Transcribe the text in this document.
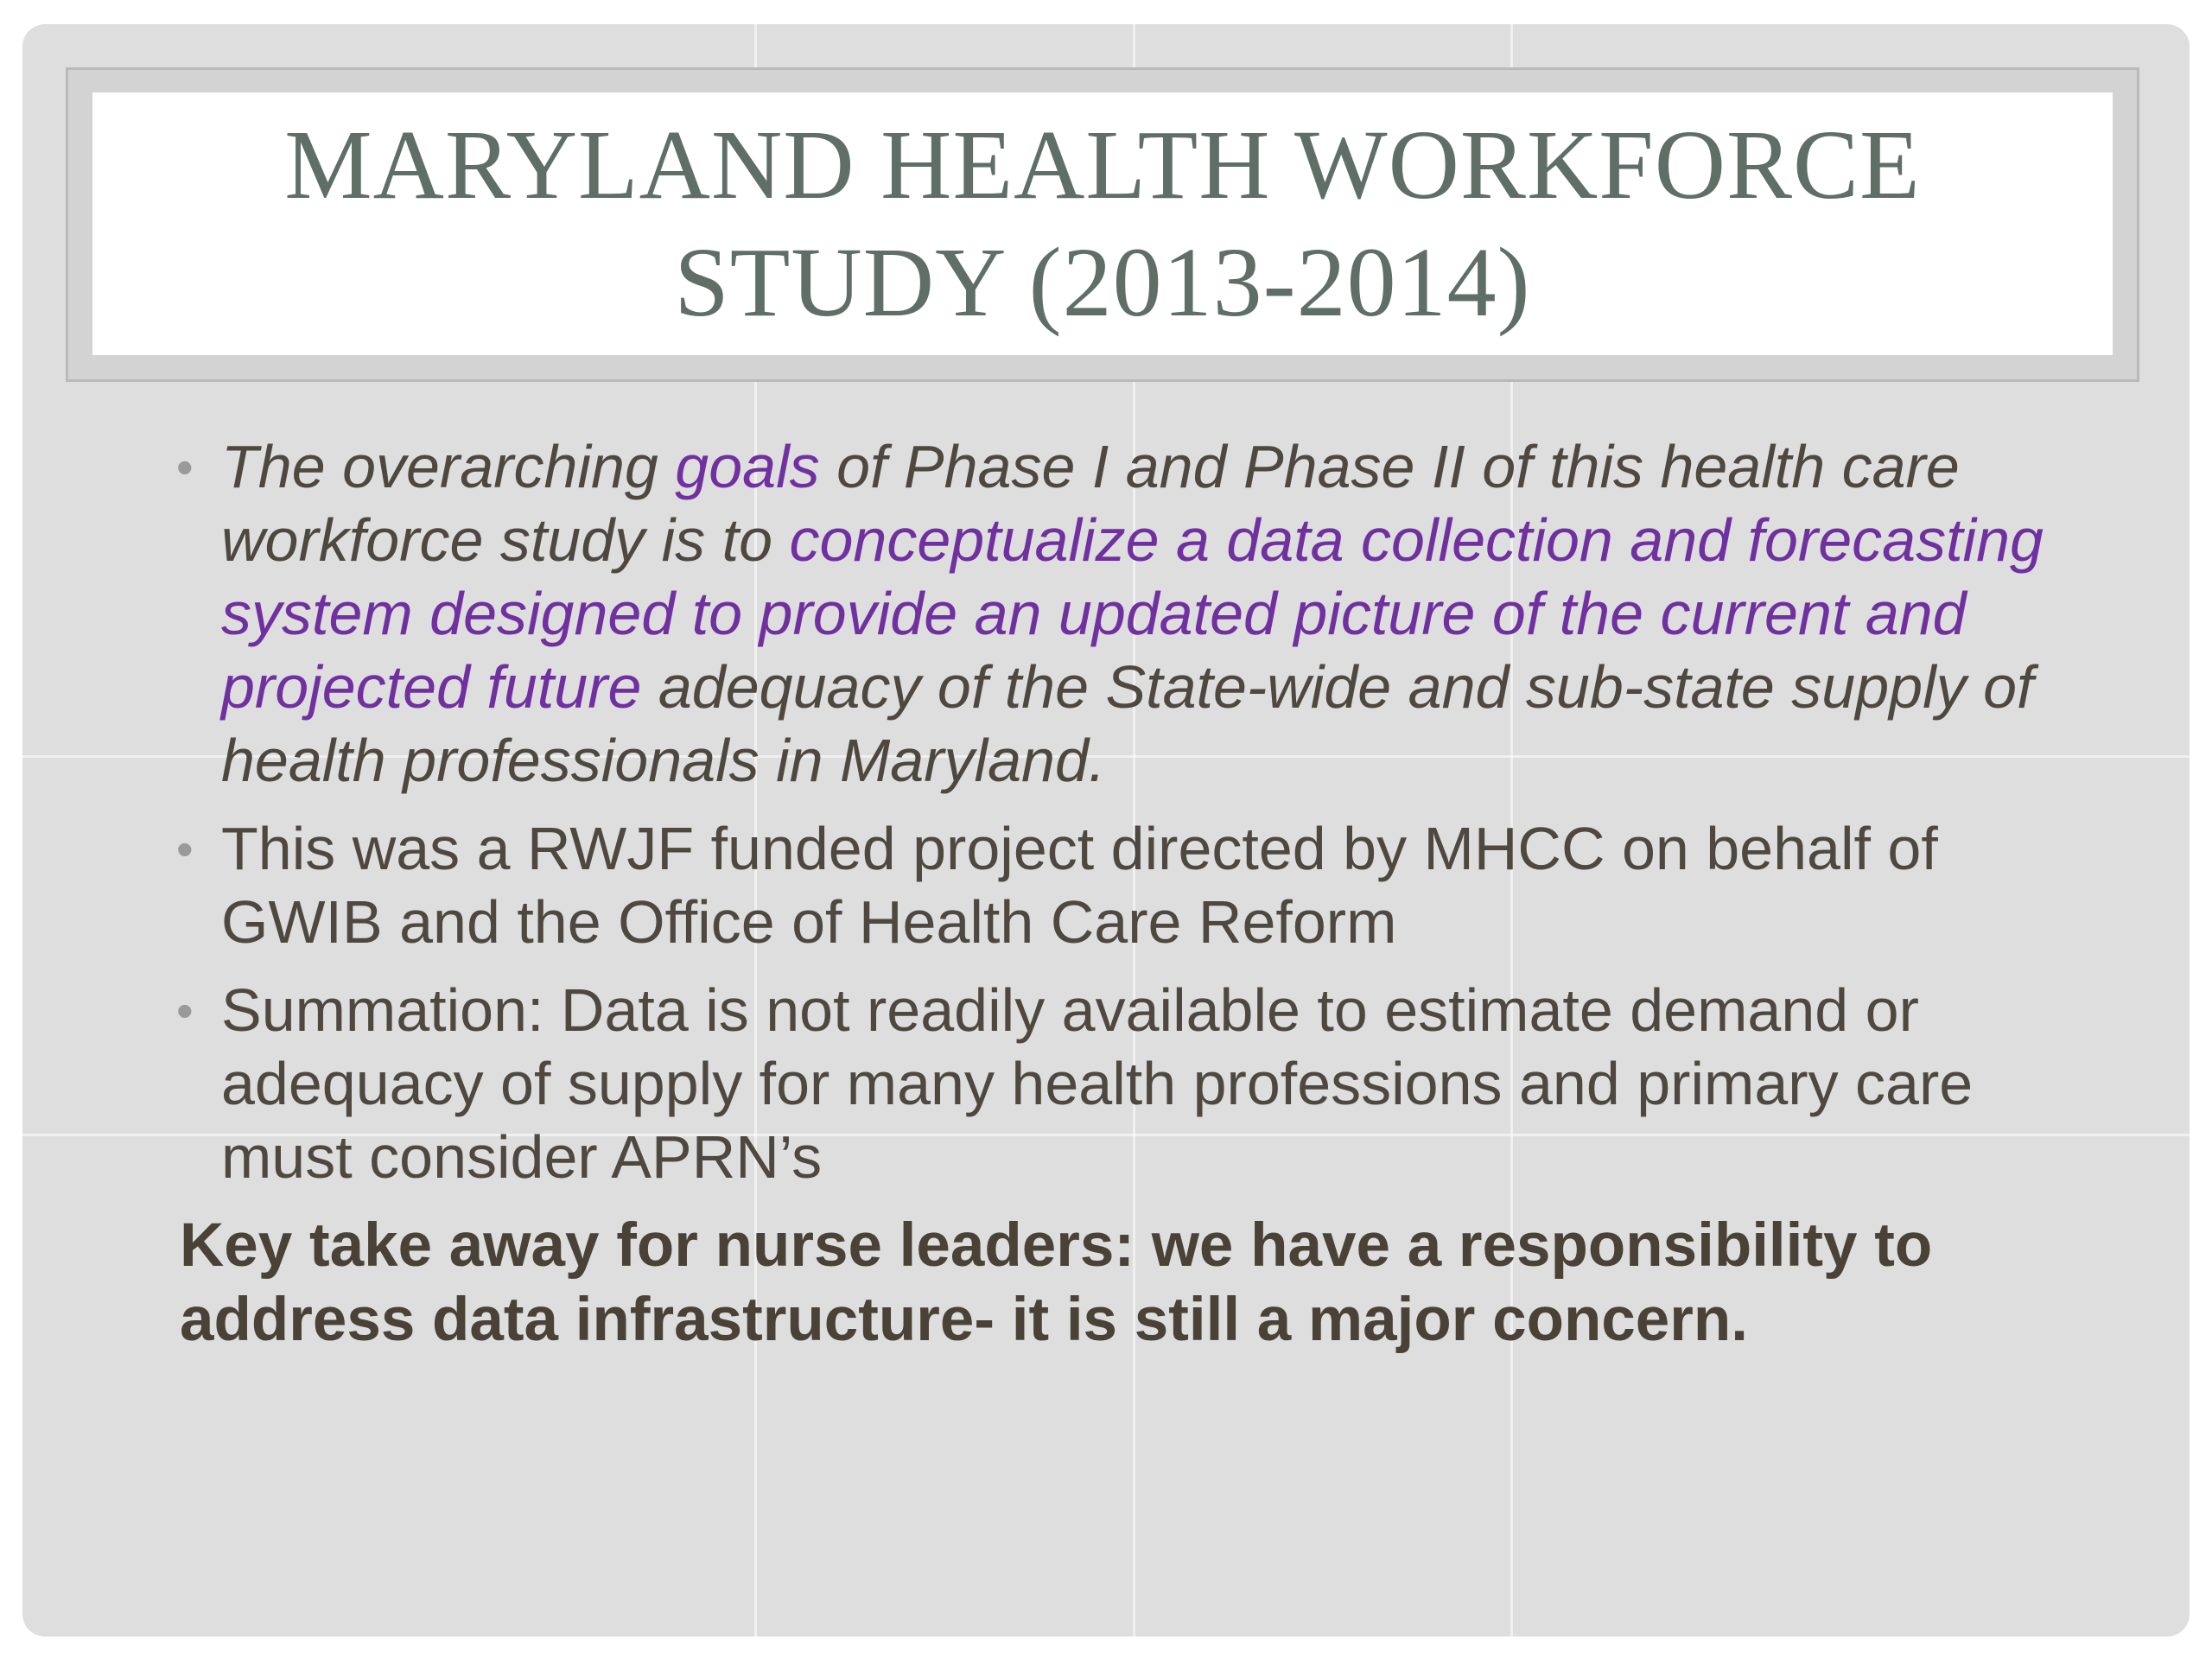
MARYLAND HEALTH WORKFORCE
STUDY (2013-2014)
• The overarching goals of Phase I and Phase II of this health care workforce study is to conceptualize a data collection and forecasting system designed to provide an updated picture of the current and projected future adequacy of the State-wide and sub-state supply of health professionals in Maryland.
• This was a RWJF funded project directed by MHCC on behalf of GWIB and the Office of Health Care Reform
• Summation: Data is not readily available to estimate demand or adequacy of supply for many health professions and primary care must consider APRN’s

Key take away for nurse leaders: we have a responsibility to address data infrastructure- it is still a major concern.
